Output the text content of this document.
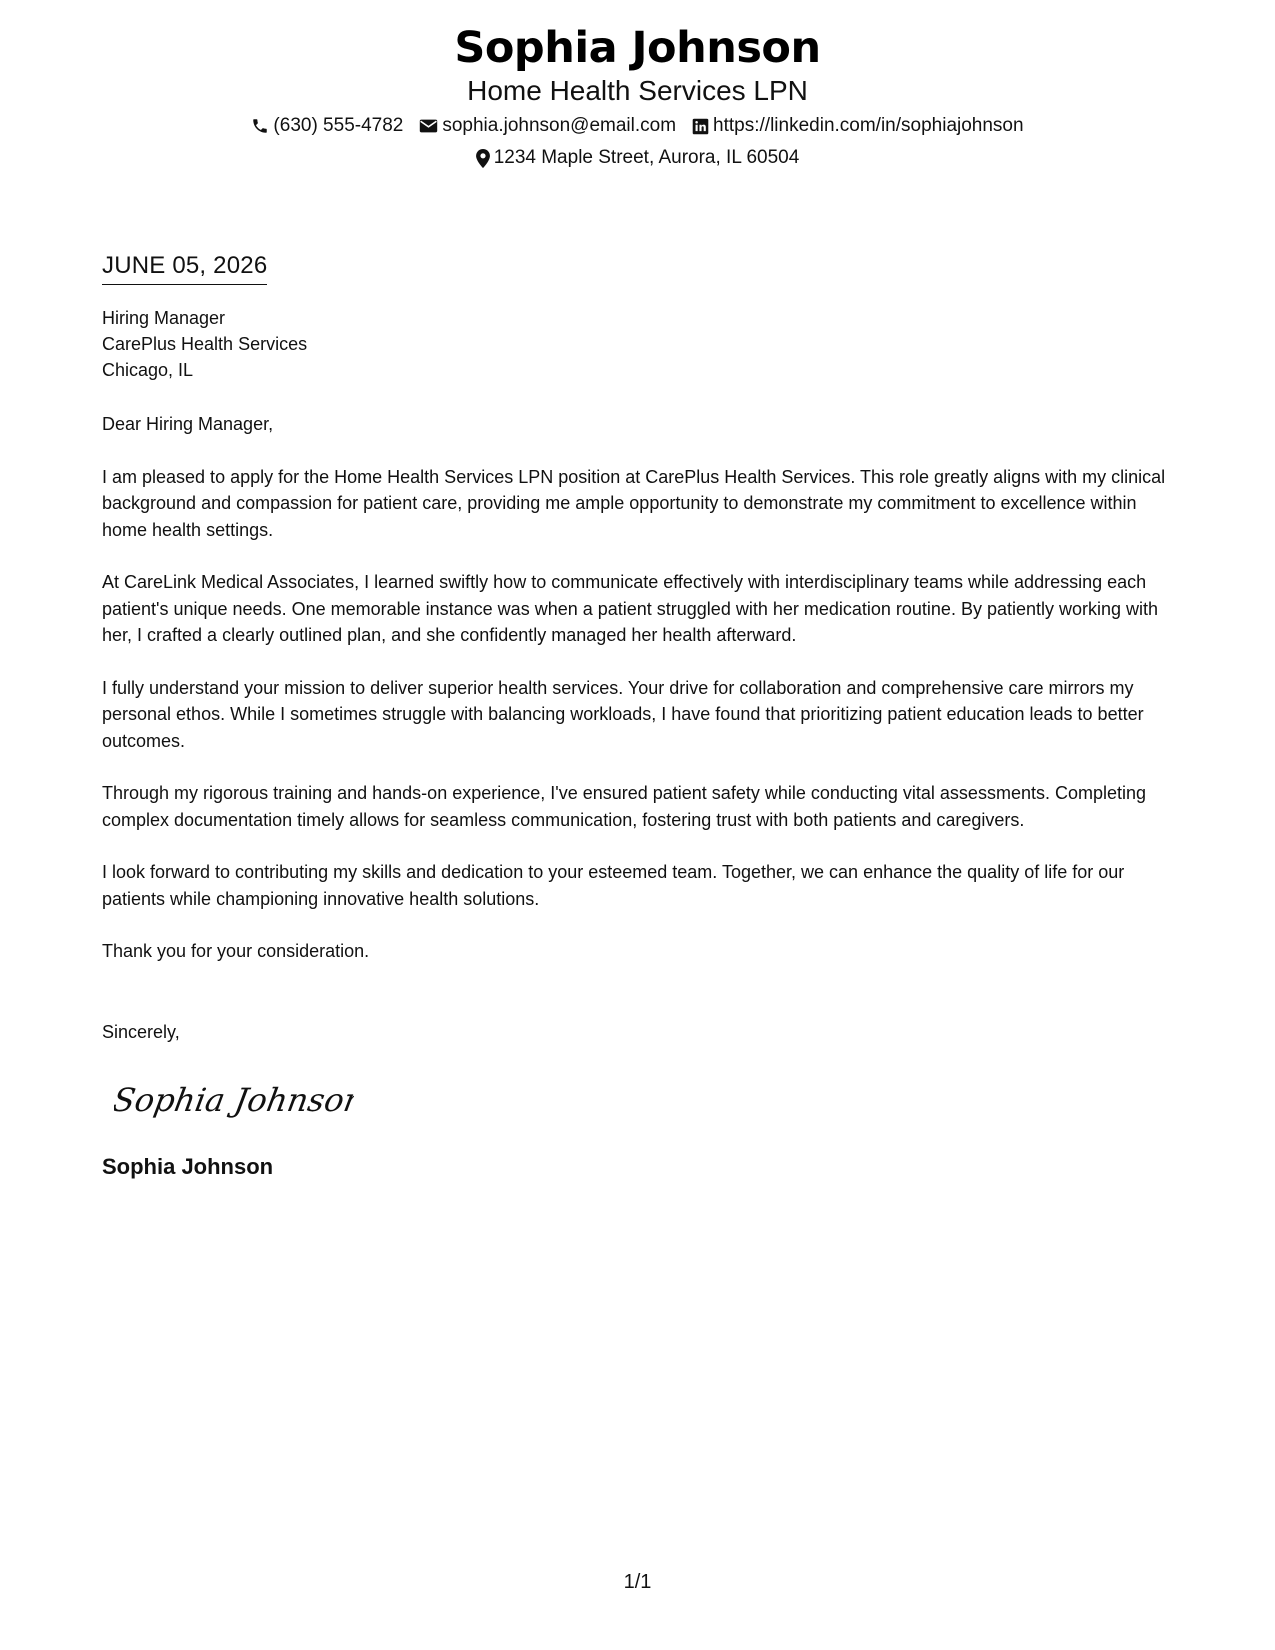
Sophia Johnson
Home Health Services LPN
(630) 555-4782 sophia.johnson@email.com https://linkedin.com/in/sophiajohnson
1234 Maple Street, Aurora, IL 60504
JUNE 05, 2026
Hiring Manager
CarePlus Health Services
Chicago, IL
Dear Hiring Manager,

I am pleased to apply for the Home Health Services LPN position at CarePlus Health Services. This role greatly aligns with my clinical background and compassion for patient care, providing me ample opportunity to demonstrate my commitment to excellence within home health settings.

At CareLink Medical Associates, I learned swiftly how to communicate effectively with interdisciplinary teams while addressing each patient's unique needs. One memorable instance was when a patient struggled with her medication routine. By patiently working with her, I crafted a clearly outlined plan, and she confidently managed her health afterward.

I fully understand your mission to deliver superior health services. Your drive for collaboration and comprehensive care mirrors my personal ethos. While I sometimes struggle with balancing workloads, I have found that prioritizing patient education leads to better outcomes.

Through my rigorous training and hands-on experience, I've ensured patient safety while conducting vital assessments. Completing complex documentation timely allows for seamless communication, fostering trust with both patients and caregivers.

I look forward to contributing my skills and dedication to your esteemed team. Together, we can enhance the quality of life for our patients while championing innovative health solutions.

Thank you for your consideration.

Sincerely,
Sophia Johnson
Sophia Johnson
1/1
